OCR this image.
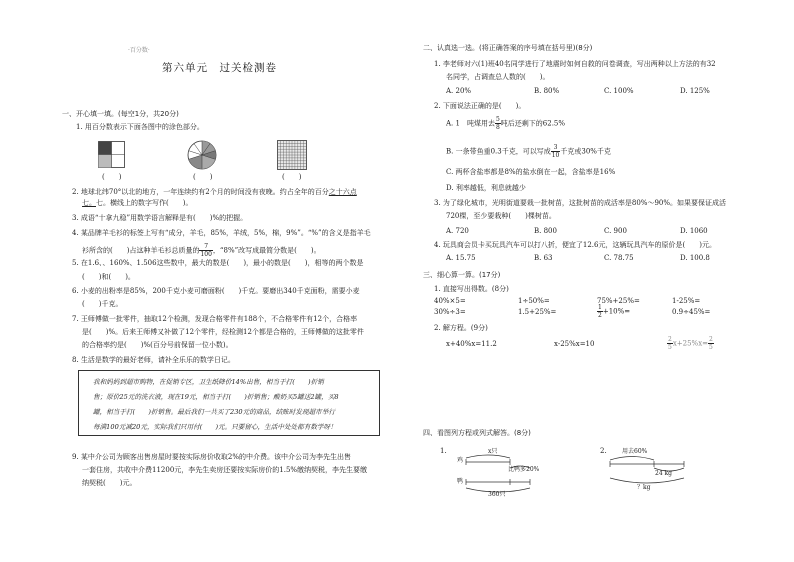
·百分数·
第六单元　过关检测卷
一、开心填一填。(每空1分，共20分)
1. 用百分数表示下面各图中的涂色部分。
(　　)	(　　)	(　　)
2. 地球北纬70°以北的地方，一年连续约有2个月的时间没有夜晚。约占全年的百分之十六点
七。七。横线上的数字写作(　　)。
3. 成语“十拿九稳”用数学语言解释是有(　　)%的把握。
4. 某品牌羊毛衫的标签上写有“成分，羊毛，85%，羊绒，5%，棉，9%”。“%”的含义是指羊毛
衫所含的(　　)占这种羊毛衫总质量的 $\frac{7}{100}$ ，“8%”改写成最简分数是(　　)。
5. 在1.6、、160%、1.506这些数中，最大的数是(　　)，最小的数是(　　)，相等的两个数是
(　　)和(　　)。
6. 小麦的出粉率是85%，200千克小麦可磨面粉(　　)千克。要磨出340千克面粉，需要小麦
(　　)千克。
7. 王师傅做一批零件，抽取12个检测，发现合格零件有188个，不合格零件有12个，合格率
是(　　)%。后来王师傅又补做了12个零件，经检测12个都是合格的，王师傅做的这批零件
的合格率约是(　　)%(百分号前保留一位小数)。
8. 生活是数学的最好老师，请补全乐乐的数学日记。
我和妈妈到超市购物，在促销专区，卫生纸降价14%出售，相当于打(　　)折销
售；原价25元的洗衣液，现在19元，相当于打(　　)折销售；酸奶买5罐送2罐，买8
罐，相当于打(　　)折销售。最后我们一共买了230元的商品，结账时发现超市举行
每满100元减20元，实际我们只用付(　　)元。只要留心，生活中处处都有数学呀！
9. 某中介公司为顾客出售房屋时要按实际房价收取2%的中介费。该中介公司为李先生出售
一套住房，共收中介费11200元，李先生卖房还要按实际房价的1.5%缴纳契税，李先生要缴
纳契税(　　)元。
二、认真选一选。(将正确答案的序号填在括号里)(8分)
1. 李老师对六(1)班40名同学进行了地震时如何自救的问卷调查，写出两种以上方法的有32
名同学，占调查总人数的(　　)。
A. 20%	B. 80%	C. 100%	D. 125%
2. 下面说法正确的是(　　)。
A. 1　吨煤用去 $\frac{5}{8}$ 吨后还剩下的62.5%
B. 一条带鱼重0.3千克，可以写成 $\frac{3}{10}$ 千克或30%千克
C. 两杯含盐率都是8%的盐水倒在一起，含盐率是16%
D. 利率越低，利息就越少
3. 为了绿化城市，光明街道要栽一批树苗，这批树苗的成活率是80%～90%。如果要保证成活
720棵，至少要栽种(　　)棵树苗。
A. 720	B. 800	C. 900	D. 1060
4. 玩具商会员卡买玩具汽车可以打八折，便宜了12.6元，这辆玩具汽车的原价是(　　)元。
A. 15.75	B. 63	C. 78.75	D. 100.8
三、细心算一算。(17分)
1. 直接写出得数。(8分)
40%×5=	1÷50%=	75%+25%=	1-25%=
30%÷3=	1.5+25%=	$\frac{1}{2} +10\%=$	0.9÷45%=
2. 解方程。(9分)
x+40%x=11.2	x-25%x=10	$\frac{2}{5} x+25\%x= \frac{2}{5}$
四、看图列方程或列式解答。(8分)
1.
鸡
鸭
x只
比鸭多20%
360只
2.	用去60%
24 kg
？kg
